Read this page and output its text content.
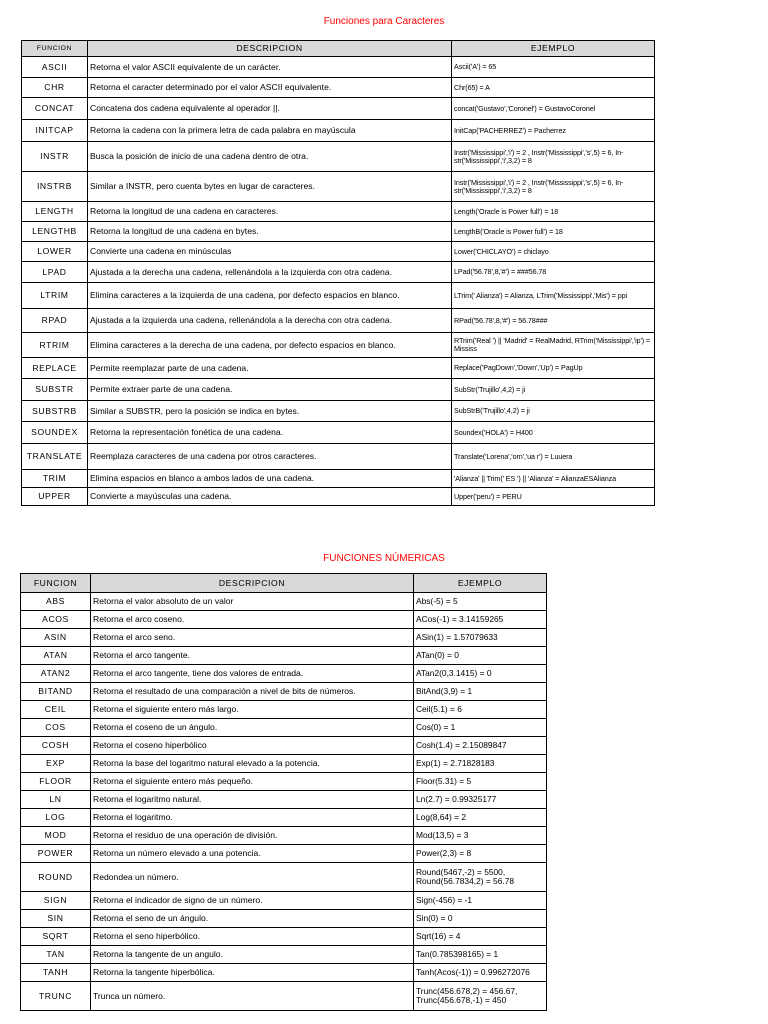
Funciones para Caracteres
FUNCION	DESCRIPCION	EJEMPLO
ASCII	Retorna el valor ASCII equivalente de un carácter.	Ascii('A') = 65
CHR	Retorna el caracter determinado por el valor ASCII equivalente.	Chr(65) = A
CONCAT	Concatena dos cadena equivalente al operador ||.	concat('Gustavo','Coronel') = GustavoCoronel
INITCAP	Retorna la cadena con la primera letra de cada palabra en mayúscula	InitCap('PACHERREZ') = Pacherrez
INSTR	Busca la posición de inicio de una cadena dentro de otra.	Instr('Mississippi','i') = 2 , Instr('Mississippi','s',5) = 6, In-str('Mississippi','i',3,2) = 8
INSTRB	Similar a INSTR, pero cuenta bytes en lugar de caracteres.	Instr('Mississippi','i') = 2 , Instr('Mississippi','s',5) = 6, In-str('Mississippi','i',3,2) = 8
LENGTH	Retorna la longitud de una cadena en caracteres.	Length('Oracle is Power full') = 18
LENGTHB	Retorna la longitud de una cadena en bytes.	LengthB('Oracle is Power full') = 18
LOWER	Convierte una cadena en minúsculas	Lower('CHICLAYO') = chiclayo
LPAD	Ajustada a la derecha una cadena, rellenándola a la izquierda con otra cadena.	LPad('56.78',8,'#') = ###56.78
LTRIM	Elimina caracteres a la izquierda de una cadena, por defecto espacios en blanco.	LTrim(' Alianza') = Alianza, LTrim('Mississippi','Mis') = ppi
RPAD	Ajustada a la izquierda una cadena, rellenándola a la derecha con otra cadena.	RPad('56.78',8,'#') = 56.78###
RTRIM	Elimina caracteres a la derecha de una cadena, por defecto espacios en blanco.	RTrim('Real ') || 'Madrid' = RealMadrid, RTrim('Mississippi','ip') = Mississ
REPLACE	Permite reemplazar parte de una cadena.	Replace('PagDown','Down','Up') = PagUp
SUBSTR	Permite extraer parte de una cadena.	SubStr('Trujillo',4,2) = ji
SUBSTRB	Similar a SUBSTR, pero la posición se indica en bytes.	SubStrB('Trujillo',4,2) = ji
SOUNDEX	Retorna la representación fonética de una cadena.	Soundex('HOLA') = H400
TRANSLATE	Reemplaza caracteres de una cadena por otros caracteres.	Translate('Lorena','orn','ua r') = Luuera
TRIM	Elimina espacios en blanco a ambos lados de una cadena.	'Alianza' || Trim(' ES ') || 'Alianza' = AlianzaESAlianza
UPPER	Convierte a mayúsculas una cadena.	Upper('peru') = PERU
FUNCIONES NÚMERICAS
FUNCION	DESCRIPCION	EJEMPLO
ABS	Retorna el valor absoluto de un valor	Abs(-5) = 5
ACOS	Retorna el arco coseno.	ACos(-1) = 3.14159265
ASIN	Retorna el arco seno.	ASin(1) = 1.57079633
ATAN	Retorna el arco tangente.	ATan(0) = 0
ATAN2	Retorna el arco tangente, tiene dos valores de entrada.	ATan2(0,3.1415) = 0
BITAND	Retorna el resultado de una comparación a nivel de bits de números.	BitAnd(3,9) = 1
CEIL	Retorna el siguiente entero más largo.	Ceil(5.1) = 6
COS	Retorna el coseno de un ángulo.	Cos(0) = 1
COSH	Retorna el coseno hiperbólico	Cosh(1.4) = 2.15089847
EXP	Retorna la base del logaritmo natural elevado a la potencia.	Exp(1) = 2.71828183
FLOOR	Retorna el siguiente entero más pequeño.	Floor(5.31) = 5
LN	Retorna el logaritmo natural.	Ln(2.7) = 0.99325177
LOG	Retorna el logaritmo.	Log(8,64) = 2
MOD	Retorna el residuo de una operación de división.	Mod(13,5) = 3
POWER	Retorna un número elevado a una potencia.	Power(2,3) = 8
ROUND	Redondea un número.	Round(5467,-2) = 5500, Round(56.7834,2) = 56.78
SIGN	Retorna el indicador de signo de un número.	Sign(-456) = -1
SIN	Retorna el seno de un ángulo.	Sin(0) = 0
SQRT	Retorna el seno hiperbólico.	Sqrt(16) = 4
TAN	Retorna la tangente de un angulo.	Tan(0.785398165) = 1
TANH	Retorna la tangente hiperbólica.	Tanh(Acos(-1)) = 0.996272076
TRUNC	Trunca un número.	Trunc(456.678,2) = 456.67, Trunc(456.678,-1) = 450
